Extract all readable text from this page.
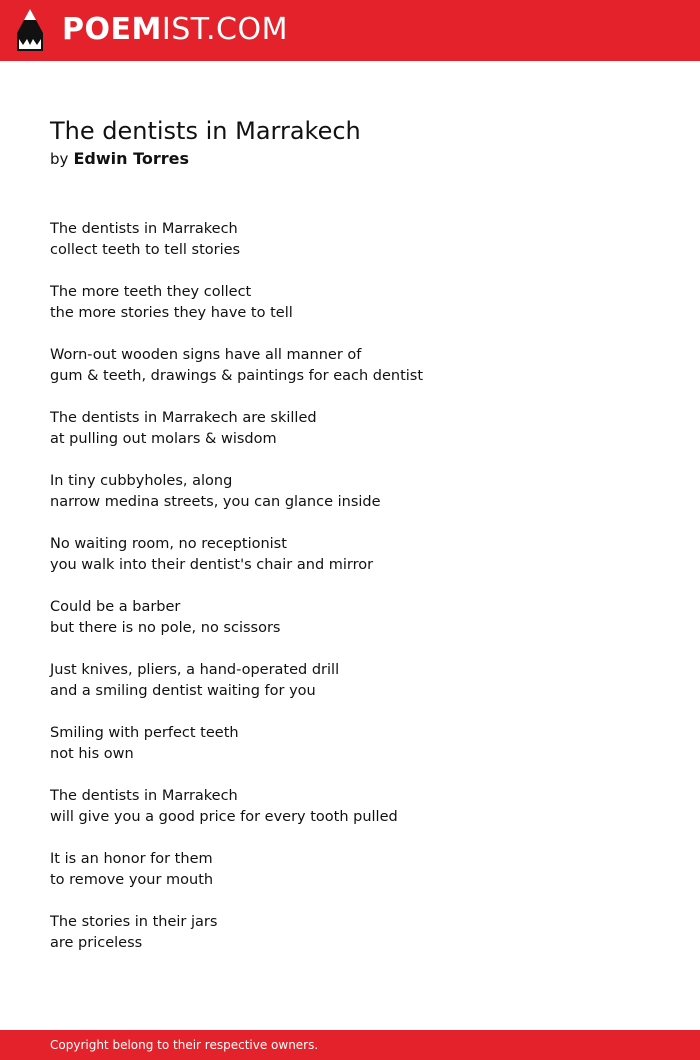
POEMIST.COM
The dentists in Marrakech
by Edwin Torres
The dentists in Marrakech
collect teeth to tell stories
The more teeth they collect
the more stories they have to tell
Worn-out wooden signs have all manner of
gum & teeth, drawings & paintings for each dentist
The dentists in Marrakech are skilled
at pulling out molars & wisdom
In tiny cubbyholes, along
narrow medina streets, you can glance inside
No waiting room, no receptionist
you walk into their dentist's chair and mirror
Could be a barber
but there is no pole, no scissors
Just knives, pliers, a hand-operated drill
and a smiling dentist waiting for you
Smiling with perfect teeth
not his own
The dentists in Marrakech
will give you a good price for every tooth pulled
It is an honor for them
to remove your mouth
The stories in their jars
are priceless
Copyright belong to their respective owners.
